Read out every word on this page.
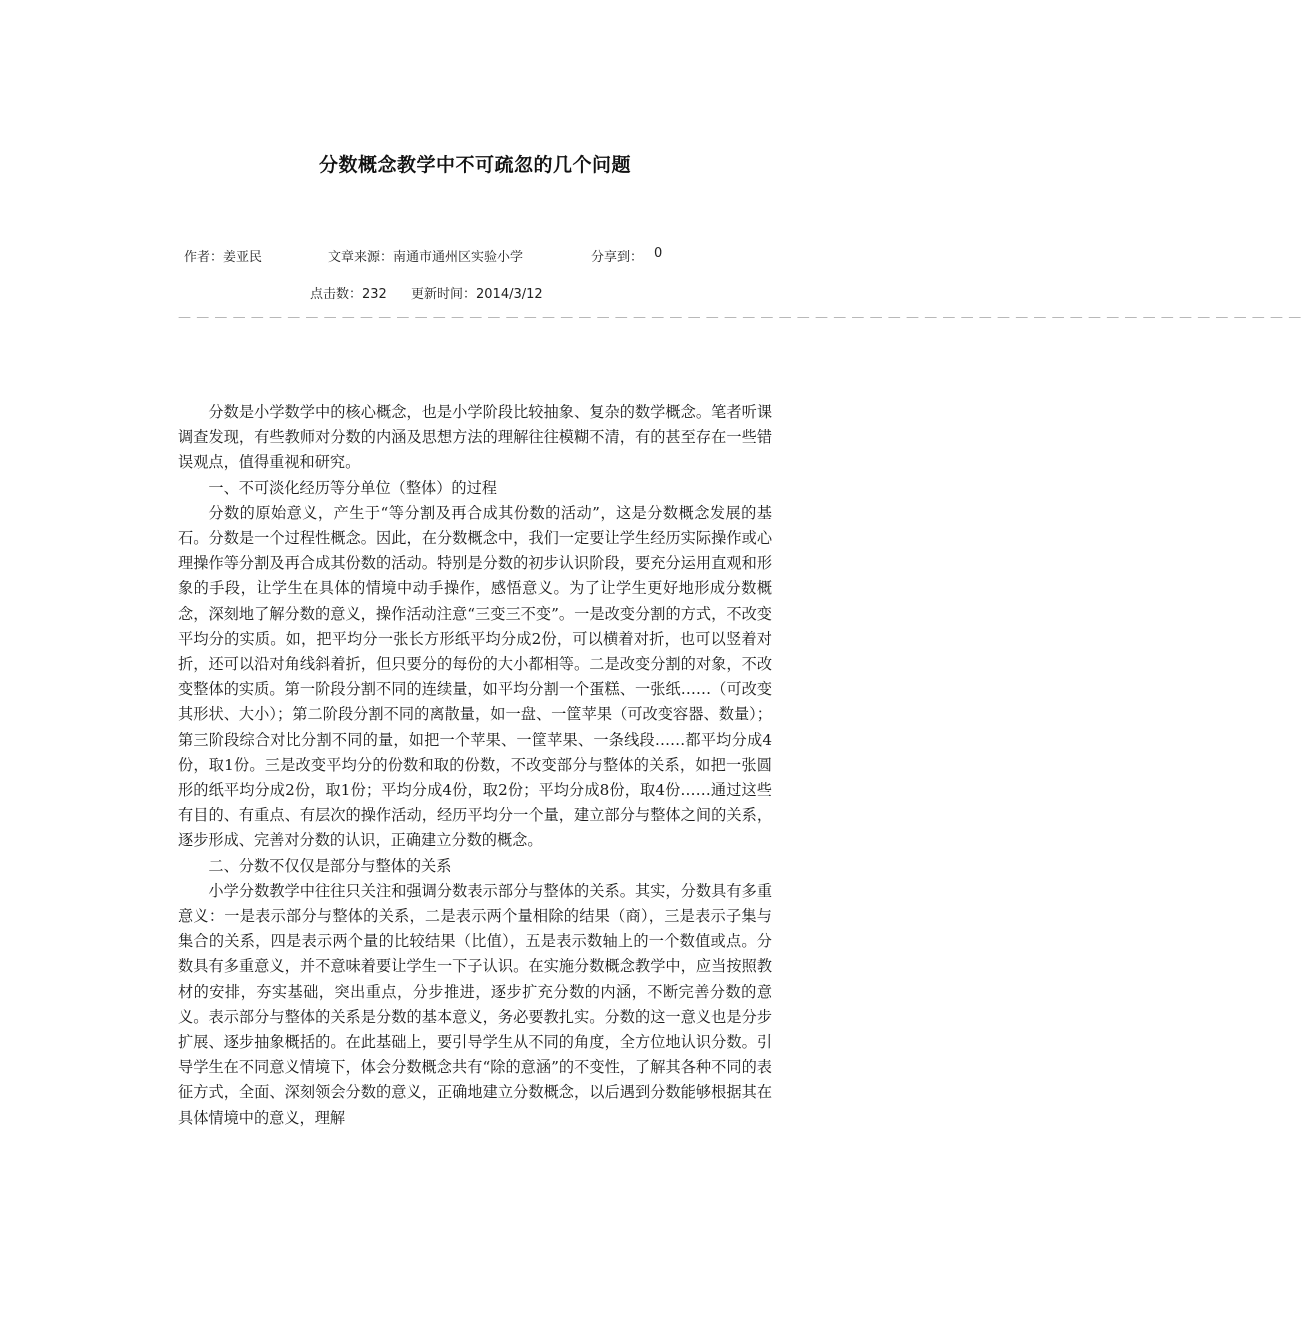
分数概念教学中不可疏忽的几个问题
作者：姜亚民	文章来源：南通市通州区实验小学	分享到： 0
点击数：232 更新时间：2014/3/12
——————————————————————————————————————————————————————————————

分数是小学数学中的核心概念，也是小学阶段比较抽象、复杂的数学概念。笔者听课调查发现，有些教师对分数的内涵及思想方法的理解往往模糊不清，有的甚至存在一些错误观点，值得重视和研究。

一、不可淡化经历等分单位（整体）的过程

分数的原始意义，产生于“等分割及再合成其份数的活动”，这是分数概念发展的基石。分数是一个过程性概念。因此，在分数概念中，我们一定要让学生经历实际操作或心理操作等分割及再合成其份数的活动。特别是分数的初步认识阶段，要充分运用直观和形象的手段，让学生在具体的情境中动手操作，感悟意义。为了让学生更好地形成分数概念，深刻地了解分数的意义，操作活动注意“三变三不变”。一是改变分割的方式，不改变平均分的实质。如，把平均分一张长方形纸平均分成2份，可以横着对折，也可以竖着对折，还可以沿对角线斜着折，但只要分的每份的大小都相等。二是改变分割的对象，不改变整体的实质。第一阶段分割不同的连续量，如平均分割一个蛋糕、一张纸……（可改变其形状、大小）；第二阶段分割不同的离散量，如一盘、一筐苹果（可改变容器、数量）；第三阶段综合对比分割不同的量，如把一个苹果、一筐苹果、一条线段……都平均分成4份，取1份。三是改变平均分的份数和取的份数，不改变部分与整体的关系，如把一张圆形的纸平均分成2份，取1份；平均分成4份，取2份；平均分成8份，取4份……通过这些有目的、有重点、有层次的操作活动，经历平均分一个量，建立部分与整体之间的关系，逐步形成、完善对分数的认识，正确建立分数的概念。

二、分数不仅仅是部分与整体的关系

小学分数教学中往往只关注和强调分数表示部分与整体的关系。其实，分数具有多重意义：一是表示部分与整体的关系，二是表示两个量相除的结果（商），三是表示子集与集合的关系，四是表示两个量的比较结果（比值），五是表示数轴上的一个数值或点。分数具有多重意义，并不意味着要让学生一下子认识。在实施分数概念教学中，应当按照教材的安排，夯实基础，突出重点，分步推进，逐步扩充分数的内涵，不断完善分数的意义。表示部分与整体的关系是分数的基本意义，务必要教扎实。分数的这一意义也是分步扩展、逐步抽象概括的。在此基础上，要引导学生从不同的角度，全方位地认识分数。引导学生在不同意义情境下，体会分数概念共有“除的意涵”的不变性，了解其各种不同的表征方式，全面、深刻领会分数的意义，正确地建立分数概念，以后遇到分数能够根据其在具体情境中的意义，理解
